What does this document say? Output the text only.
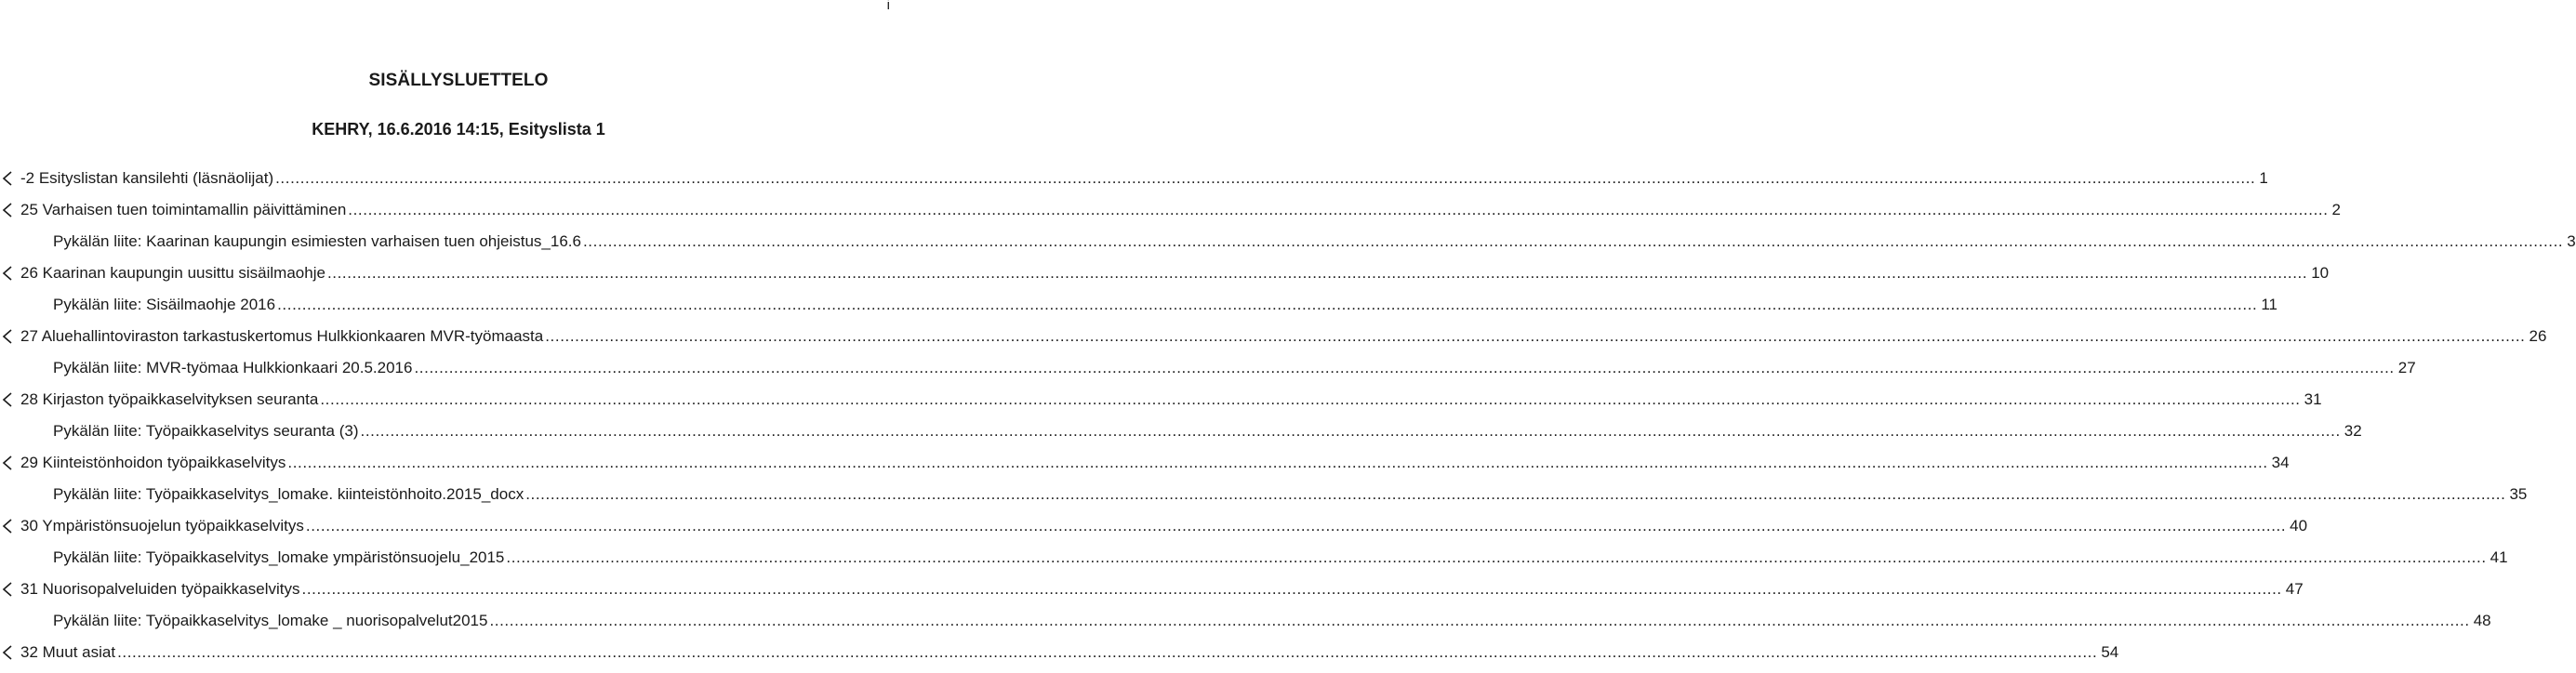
i
SISÄLLYSLUETTELO
KEHRY, 16.6.2016 14:15, Esityslista 1
-2 Esityslistan kansilehti (läsnäolijat) ................................................................................................................................................................................................................................................................................................................................................................................................................ 1
25 Varhaisen tuen toimintamallin päivittäminen ................................................................................................................................................................................................................................................................................................................................................................................................................ 2
Pykälän liite: Kaarinan kaupungin esimiesten varhaisen tuen ohjeistus_16.6 ................................................................................................................................................................................................................................................................................................................................................................................................................ 3
26 Kaarinan kaupungin uusittu sisäilmaohje ................................................................................................................................................................................................................................................................................................................................................................................................................ 10
Pykälän liite: Sisäilmaohje 2016 ................................................................................................................................................................................................................................................................................................................................................................................................................ 11
27 Aluehallintoviraston tarkastuskertomus Hulkkionkaaren MVR-työmaasta ................................................................................................................................................................................................................................................................................................................................................................................................................ 26
Pykälän liite: MVR-työmaa Hulkkionkaari 20.5.2016 ................................................................................................................................................................................................................................................................................................................................................................................................................ 27
28 Kirjaston työpaikkaselvityksen seuranta ................................................................................................................................................................................................................................................................................................................................................................................................................ 31
Pykälän liite: Työpaikkaselvitys seuranta (3) ................................................................................................................................................................................................................................................................................................................................................................................................................ 32
29 Kiinteistönhoidon työpaikkaselvitys ................................................................................................................................................................................................................................................................................................................................................................................................................ 34
Pykälän liite: Työpaikkaselvitys_lomake. kiinteistönhoito.2015_docx ................................................................................................................................................................................................................................................................................................................................................................................................................ 35
30 Ympäristönsuojelun työpaikkaselvitys ................................................................................................................................................................................................................................................................................................................................................................................................................ 40
Pykälän liite: Työpaikkaselvitys_lomake ympäristönsuojelu_2015 ................................................................................................................................................................................................................................................................................................................................................................................................................ 41
31 Nuorisopalveluiden työpaikkaselvitys ................................................................................................................................................................................................................................................................................................................................................................................................................ 47
Pykälän liite: Työpaikkaselvitys_lomake _ nuorisopalvelut2015 ................................................................................................................................................................................................................................................................................................................................................................................................................ 48
32 Muut asiat ................................................................................................................................................................................................................................................................................................................................................................................................................ 54
